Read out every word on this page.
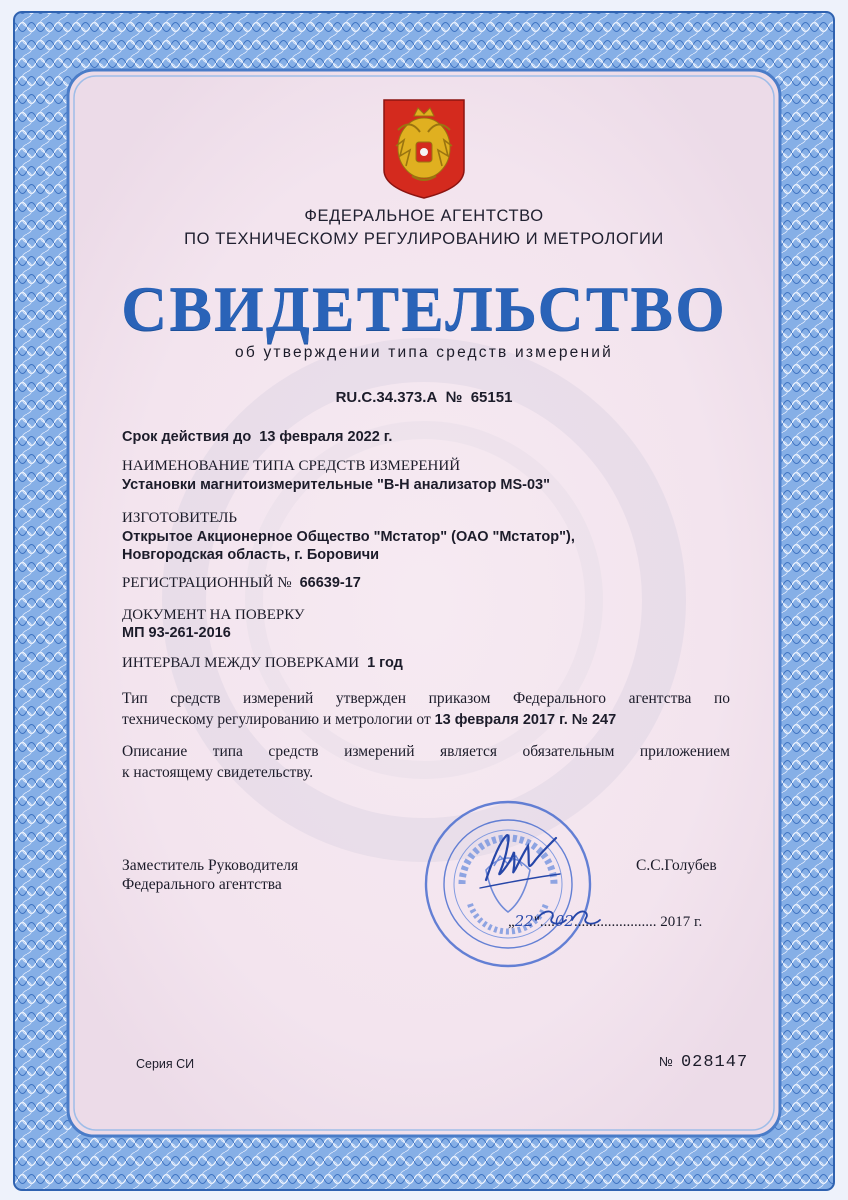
ФЕДЕРАЛЬНОЕ АГЕНТСТВО
ПО ТЕХНИЧЕСКОМУ РЕГУЛИРОВАНИЮ И МЕТРОЛОГИИ
СВИДЕТЕЛЬСТВО
об утверждении типа средств измерений
RU.C.34.373.A № 65151
Срок действия до 13 февраля 2022 г.
НАИМЕНОВАНИЕ ТИПА СРЕДСТВ ИЗМЕРЕНИЙ
Установки магнитоизмерительные "B-H анализатор MS-03"
ИЗГОТОВИТЕЛЬ
Открытое Акционерное Общество "Мстатор" (ОАО "Мстатор"),
Новгородская область, г. Боровичи
РЕГИСТРАЦИОННЫЙ № 66639-17
ДОКУМЕНТ НА ПОВЕРКУ
МП 93-261-2016
ИНТЕРВАЛ МЕЖДУ ПОВЕРКАМИ 1 год
Тип средств измерений утвержден приказом Федерального агентства по
техническому регулированию и метрологии от 13 февраля 2017 г. № 247
Описание типа средств измерений является обязательным приложением
к настоящему свидетельству.
Заместитель Руководителя
Федерального агентства
С.С.Голубев
„22"....02...................... 2017 г.
Серия СИ	№ 028147
